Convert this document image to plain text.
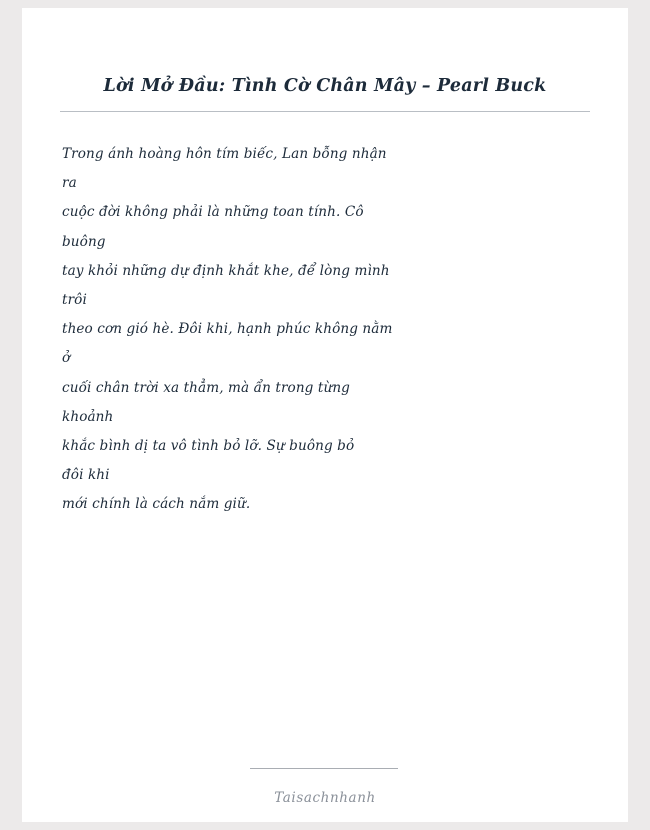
Lời Mở Đầu: Tình Cờ Chân Mây – Pearl Buck
Trong ánh hoàng hôn tím biếc, Lan bỗng nhận
ra
cuộc đời không phải là những toan tính. Cô
buông
tay khỏi những dự định khắt khe, để lòng mình
trôi
theo cơn gió hè. Đôi khi, hạnh phúc không nằm
ở
cuối chân trời xa thẳm, mà ẩn trong từng
khoảnh
khắc bình dị ta vô tình bỏ lỡ. Sự buông bỏ
đôi khi
mới chính là cách nắm giữ.
Taisachnhanh
